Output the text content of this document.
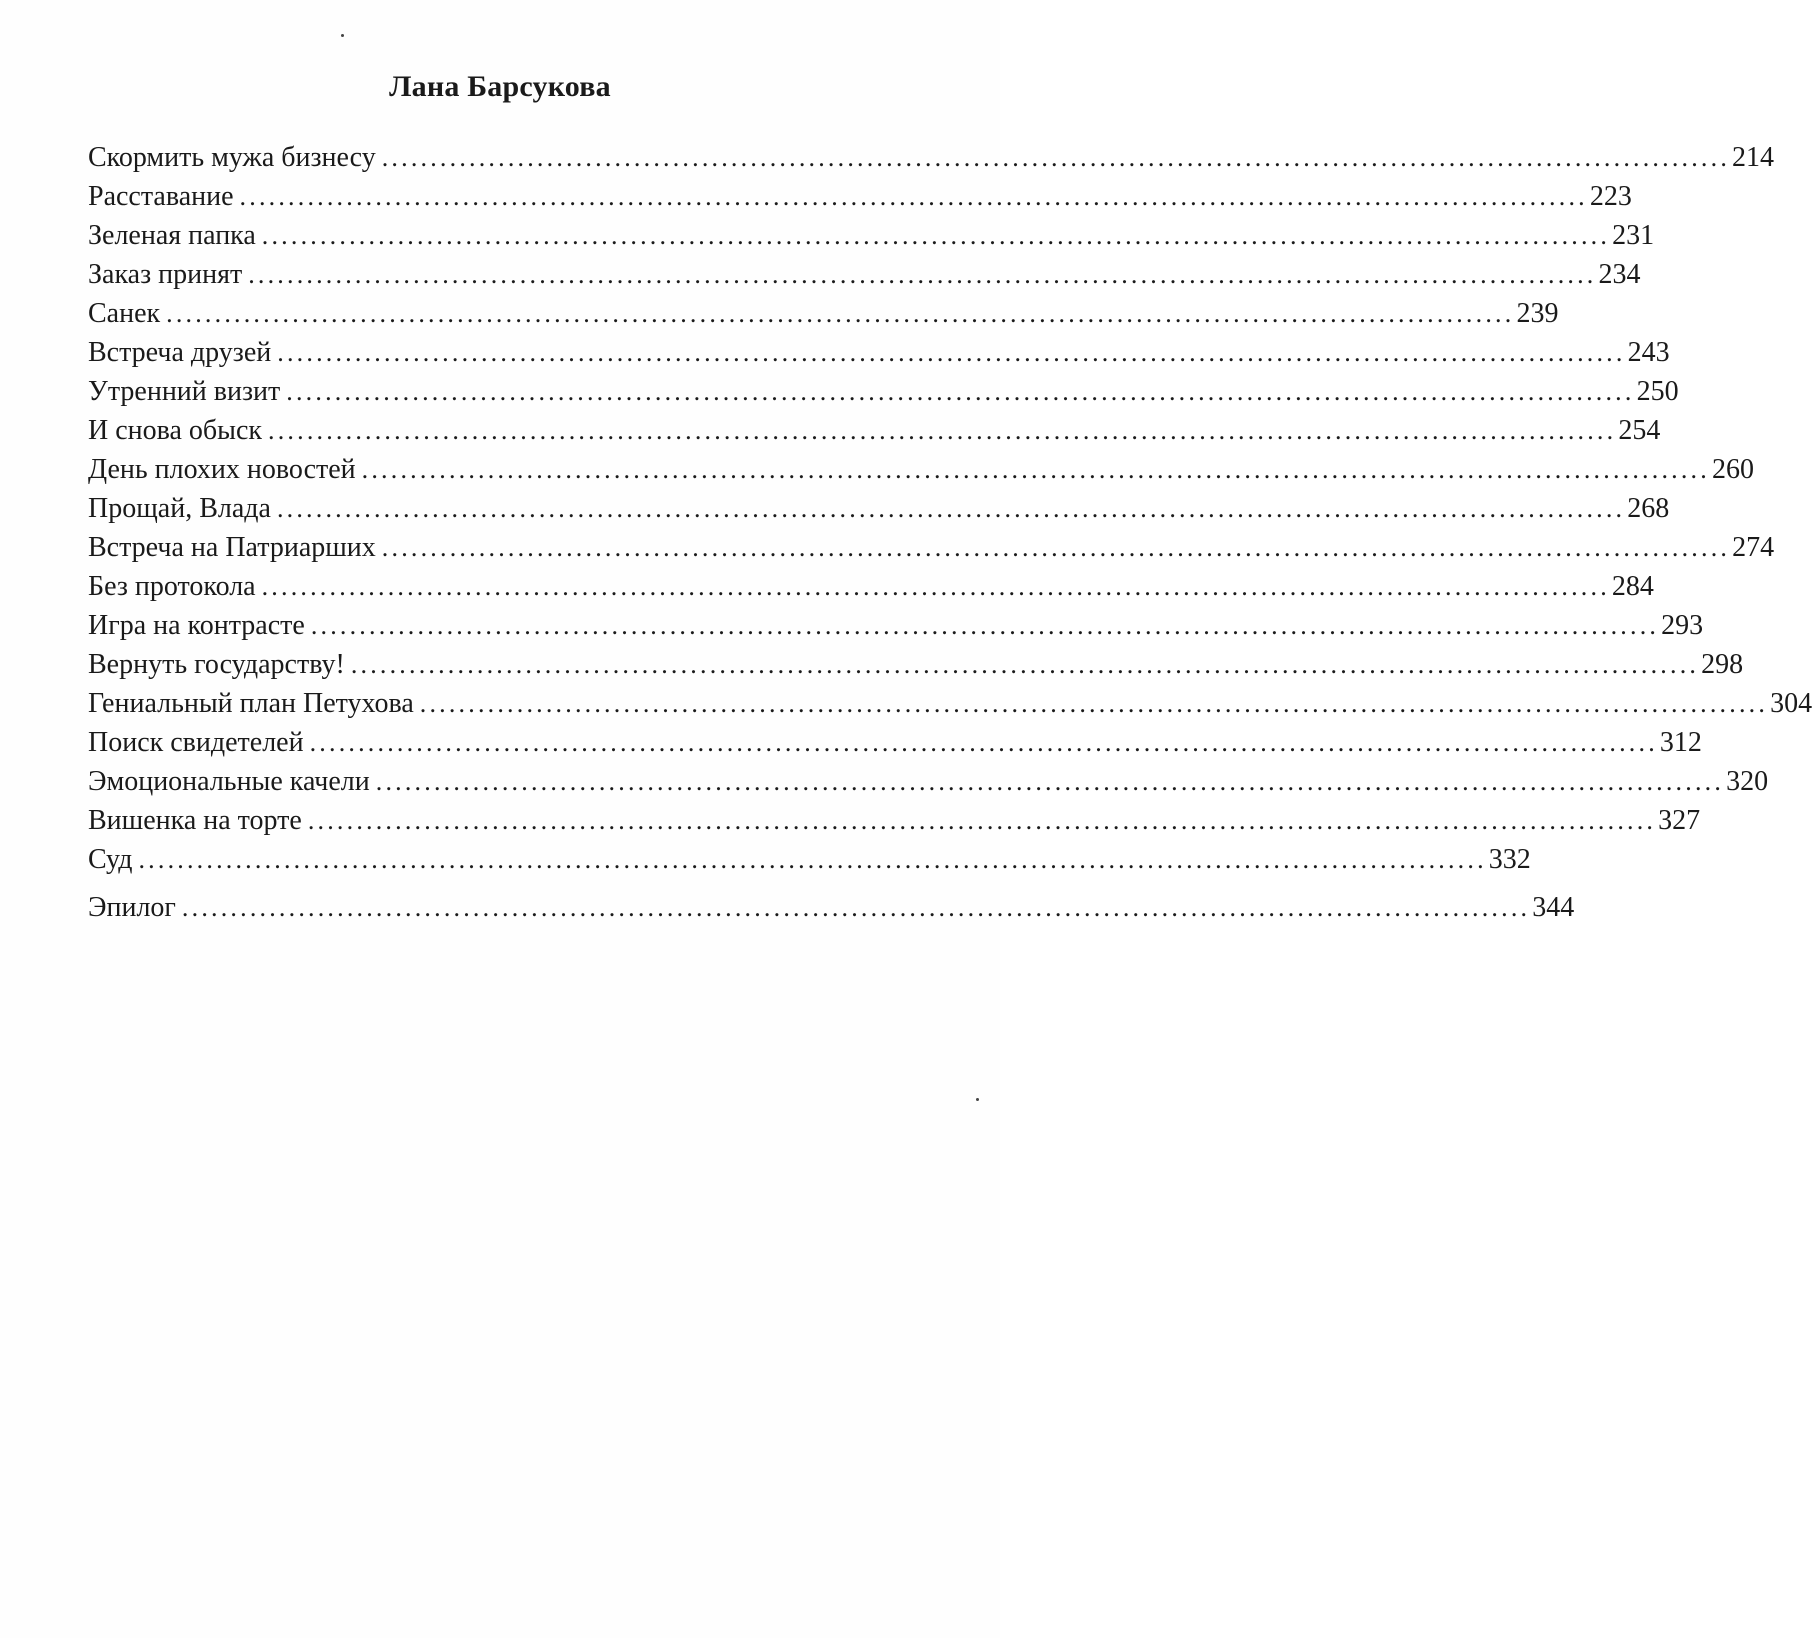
Лана Барсукова
Скормить мужа бизнесу ........................................................................................................................................... 214
Расставание ........................................................................................................................................... 223
Зеленая папка ........................................................................................................................................... 231
Заказ принят ........................................................................................................................................... 234
Санек ........................................................................................................................................... 239
Встреча друзей ........................................................................................................................................... 243
Утренний визит ........................................................................................................................................... 250
И снова обыск ........................................................................................................................................... 254
День плохих новостей ........................................................................................................................................... 260
Прощай, Влада ........................................................................................................................................... 268
Встреча на Патриарших ........................................................................................................................................... 274
Без протокола ........................................................................................................................................... 284
Игра на контрасте ........................................................................................................................................... 293
Вернуть государству! ........................................................................................................................................... 298
Гениальный план Петухова ........................................................................................................................................... 304
Поиск свидетелей ........................................................................................................................................... 312
Эмоциональные качели ........................................................................................................................................... 320
Вишенка на торте ........................................................................................................................................... 327
Суд ........................................................................................................................................... 332
Эпилог ........................................................................................................................................... 344
